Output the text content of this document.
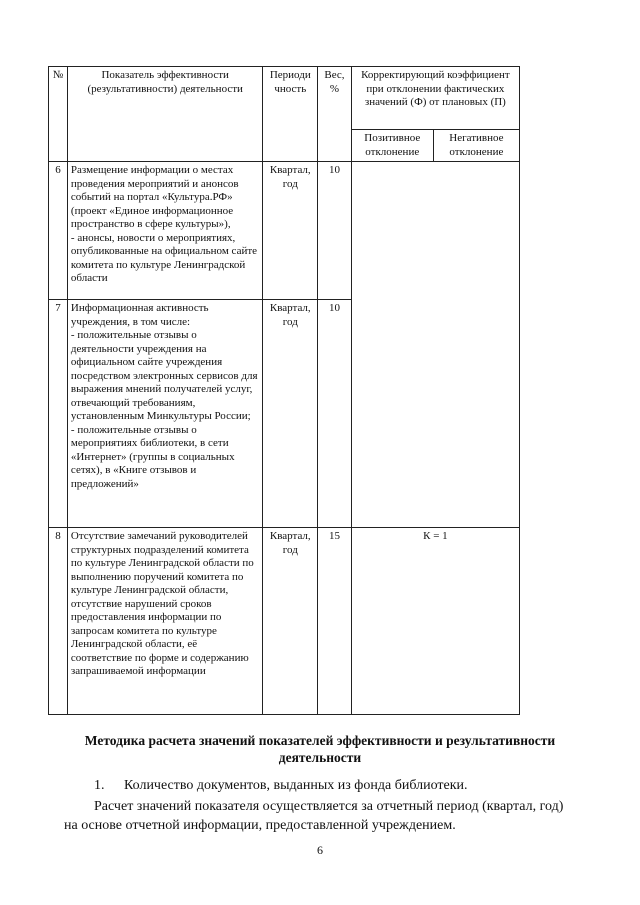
№	Показатель эффективности (результативности) деятельности	Периоди чность	Вес, %	Корректирующий коэффициент при отклонении фактических значений (Ф) от плановых (П)	
				Позитивное отклонение	Негативное отклонение
6	Размещение информации о местах проведения мероприятий и анонсов событий на портал «Культура.РФ» (проект «Единое информационное пространство в сфере культуры»),

- анонсы, новости о мероприятиях, опубликованные на официальном сайте комитета по культуре Ленинградской области	Квартал, год	10		
7	Информационная активность учреждения, в том числе:

- положительные отзывы о деятельности учреждения на официальном сайте учреждения посредством электронных сервисов для выражения мнений получателей услуг, отвечающий требованиям, установленным Минкультуры России;

- положительные отзывы о мероприятиях библиотеки, в сети «Интернет» (группы в социальных сетях), в «Книге отзывов и предложений»	Квартал, год	10		
8	Отсутствие замечаний руководителей структурных подразделений комитета по культуре Ленинградской области по выполнению поручений комитета по культуре Ленинградской области, отсутствие нарушений сроков предоставления информации по запросам комитета по культуре Ленинградской области, её соответствие по форме и содержанию запрашиваемой информации	Квартал, год	15	К = 1	

Методика расчета значений показателей эффективности и результативности деятельности

1. Количество документов, выданных из фонда библиотеки.

Расчет значений показателя осуществляется за отчетный период (квартал, год) на основе отчетной информации, предоставленной учреждением.

6
